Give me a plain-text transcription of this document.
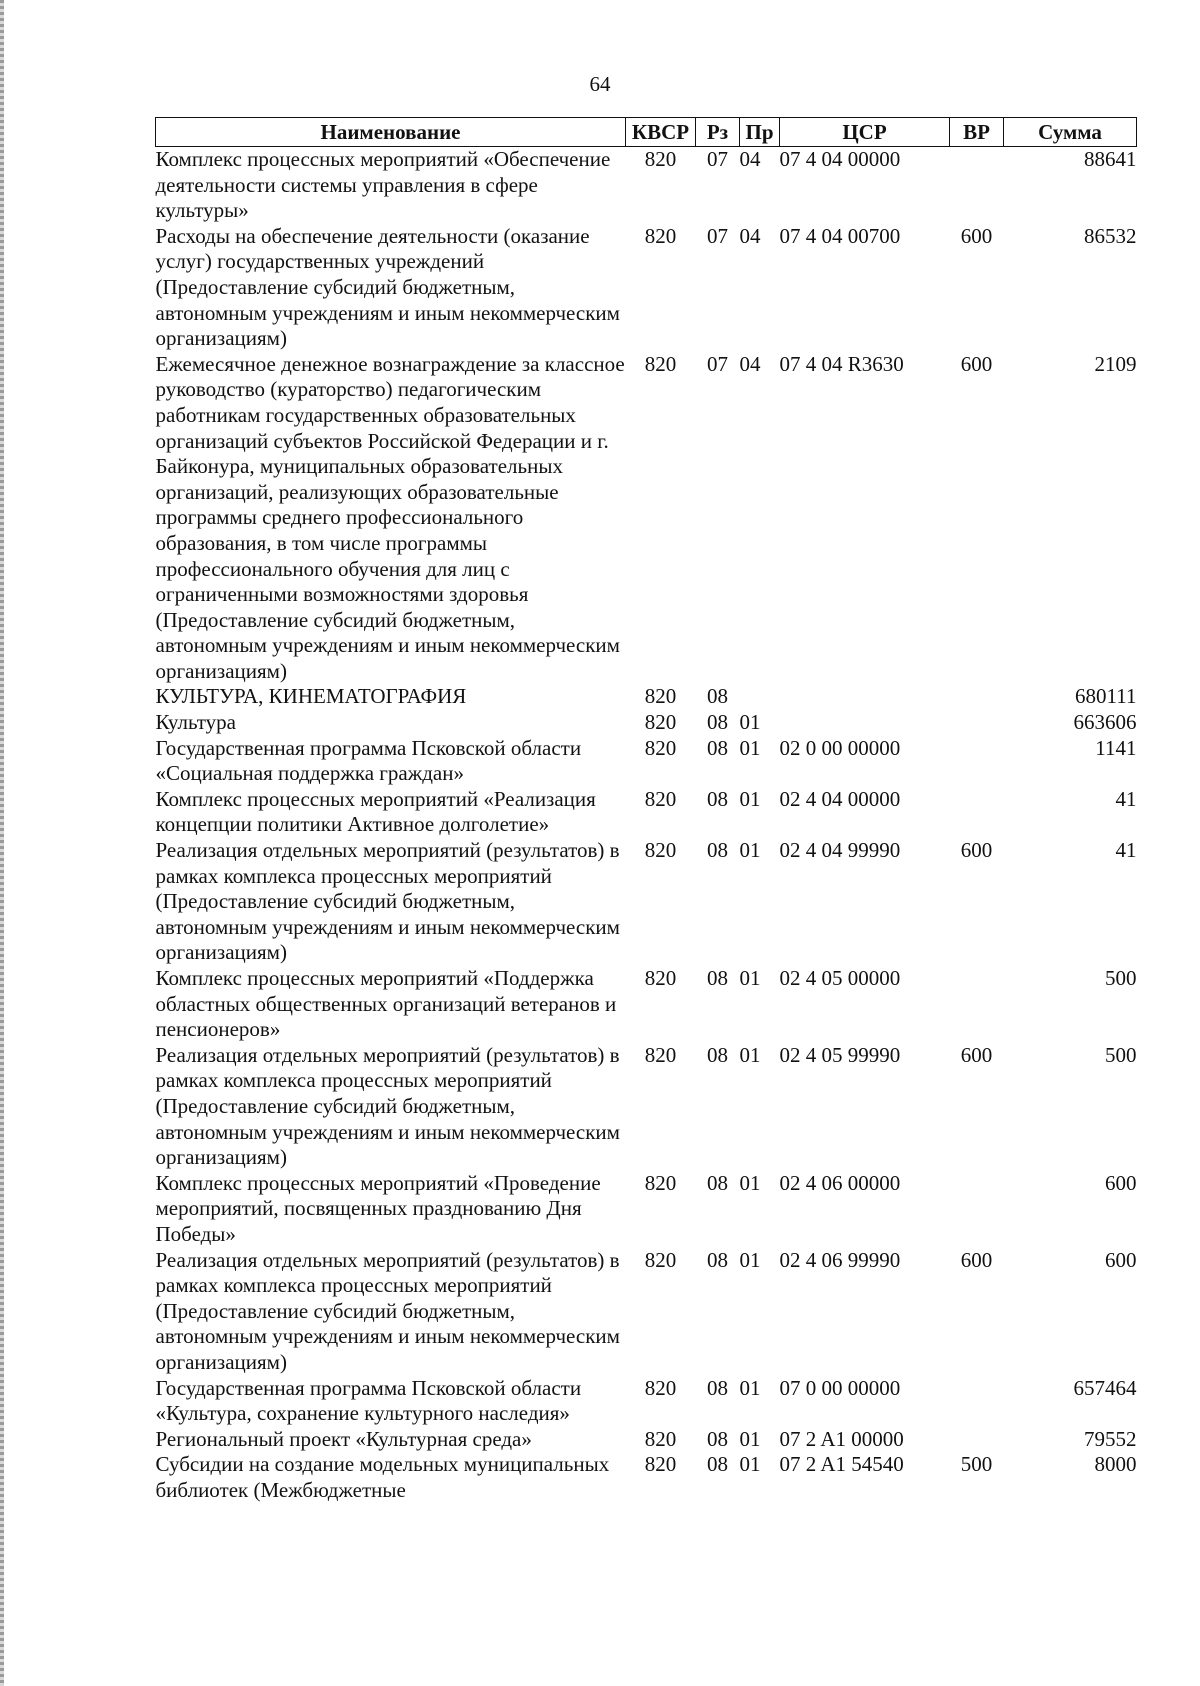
64
Наименование	КВСР	Рз	Пр	ЦСР	ВР	Сумма
Комплекс процессных мероприятий «Обеспечение деятельности системы управления в сфере культуры»	820	07	04	07 4 04 00000		88641
Расходы на обеспечение деятельности (оказание услуг) государственных учреждений (Предоставление субсидий бюджетным, автономным учреждениям и иным некоммерческим организациям)	820	07	04	07 4 04 00700	600	86532
Ежемесячное денежное вознаграждение за классное руководство (кураторство) педагогическим работникам государственных образовательных организаций субъектов Российской Федерации и г. Байконура, муниципальных образовательных организаций, реализующих образовательные программы среднего профессионального образования, в том числе программы профессионального обучения для лиц с ограниченными возможностями здоровья (Предоставление субсидий бюджетным, автономным учреждениям и иным некоммерческим организациям)	820	07	04	07 4 04 R3630	600	2109
КУЛЬТУРА, КИНЕМАТОГРАФИЯ	820	08				680111
Культура	820	08	01			663606
Государственная программа Псковской области «Социальная поддержка граждан»	820	08	01	02 0 00 00000		1141
Комплекс процессных мероприятий «Реализация концепции политики Активное долголетие»	820	08	01	02 4 04 00000		41
Реализация отдельных мероприятий (результатов) в рамках комплекса процессных мероприятий (Предоставление субсидий бюджетным, автономным учреждениям и иным некоммерческим организациям)	820	08	01	02 4 04 99990	600	41
Комплекс процессных мероприятий «Поддержка областных общественных организаций ветеранов и пенсионеров»	820	08	01	02 4 05 00000		500
Реализация отдельных мероприятий (результатов) в рамках комплекса процессных мероприятий (Предоставление субсидий бюджетным, автономным учреждениям и иным некоммерческим организациям)	820	08	01	02 4 05 99990	600	500
Комплекс процессных мероприятий «Проведение мероприятий, посвященных празднованию Дня Победы»	820	08	01	02 4 06 00000		600
Реализация отдельных мероприятий (результатов) в рамках комплекса процессных мероприятий (Предоставление субсидий бюджетным, автономным учреждениям и иным некоммерческим организациям)	820	08	01	02 4 06 99990	600	600
Государственная программа Псковской области «Культура, сохранение культурного наследия»	820	08	01	07 0 00 00000		657464
Региональный проект «Культурная среда»	820	08	01	07 2 A1 00000		79552
Субсидии на создание модельных муниципальных библиотек (Межбюджетные	820	08	01	07 2 A1 54540	500	8000
